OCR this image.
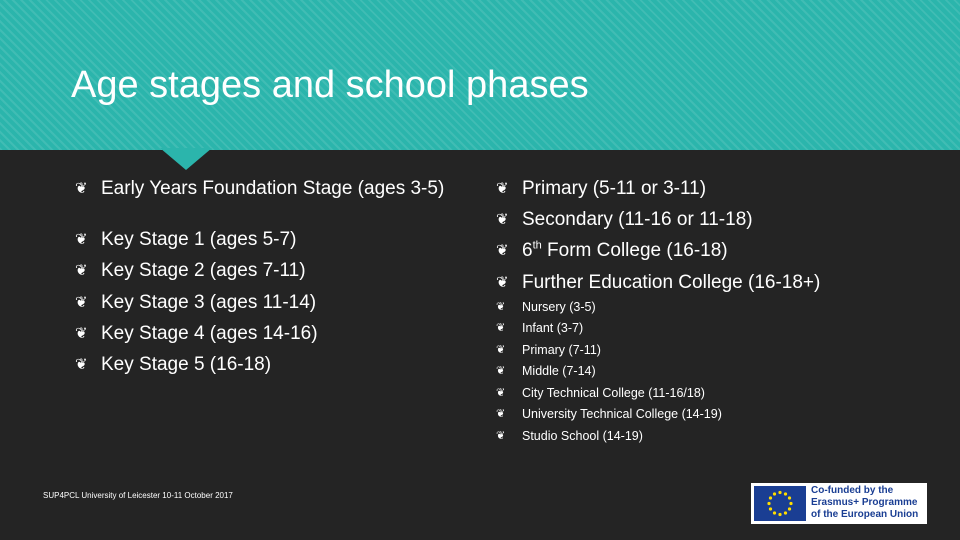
Age stages and school phases
❦ Early Years Foundation Stage (ages 3-5)
❦ Key Stage 1 (ages 5-7)
❦ Key Stage 2 (ages 7-11)
❦ Key Stage 3 (ages 11-14)
❦ Key Stage 4 (ages 14-16)
❦ Key Stage 5 (16-18)
❦ Primary (5-11 or 3-11)
❦ Secondary (11-16 or 11-18)
❦ 6th Form College (16-18)
❦ Further Education College (16-18+)
❦	Nursery (3-5)
❦	Infant (3-7)
❦	Primary (7-11)
❦	Middle (7-14)
❦	City Technical College (11-16/18)
❦	University Technical College (14-19)
❦	Studio School (14-19)
SUP4PCL University of Leicester 10-11 October 2017	Co-funded by the
Erasmus+ Programme
of the European Union
